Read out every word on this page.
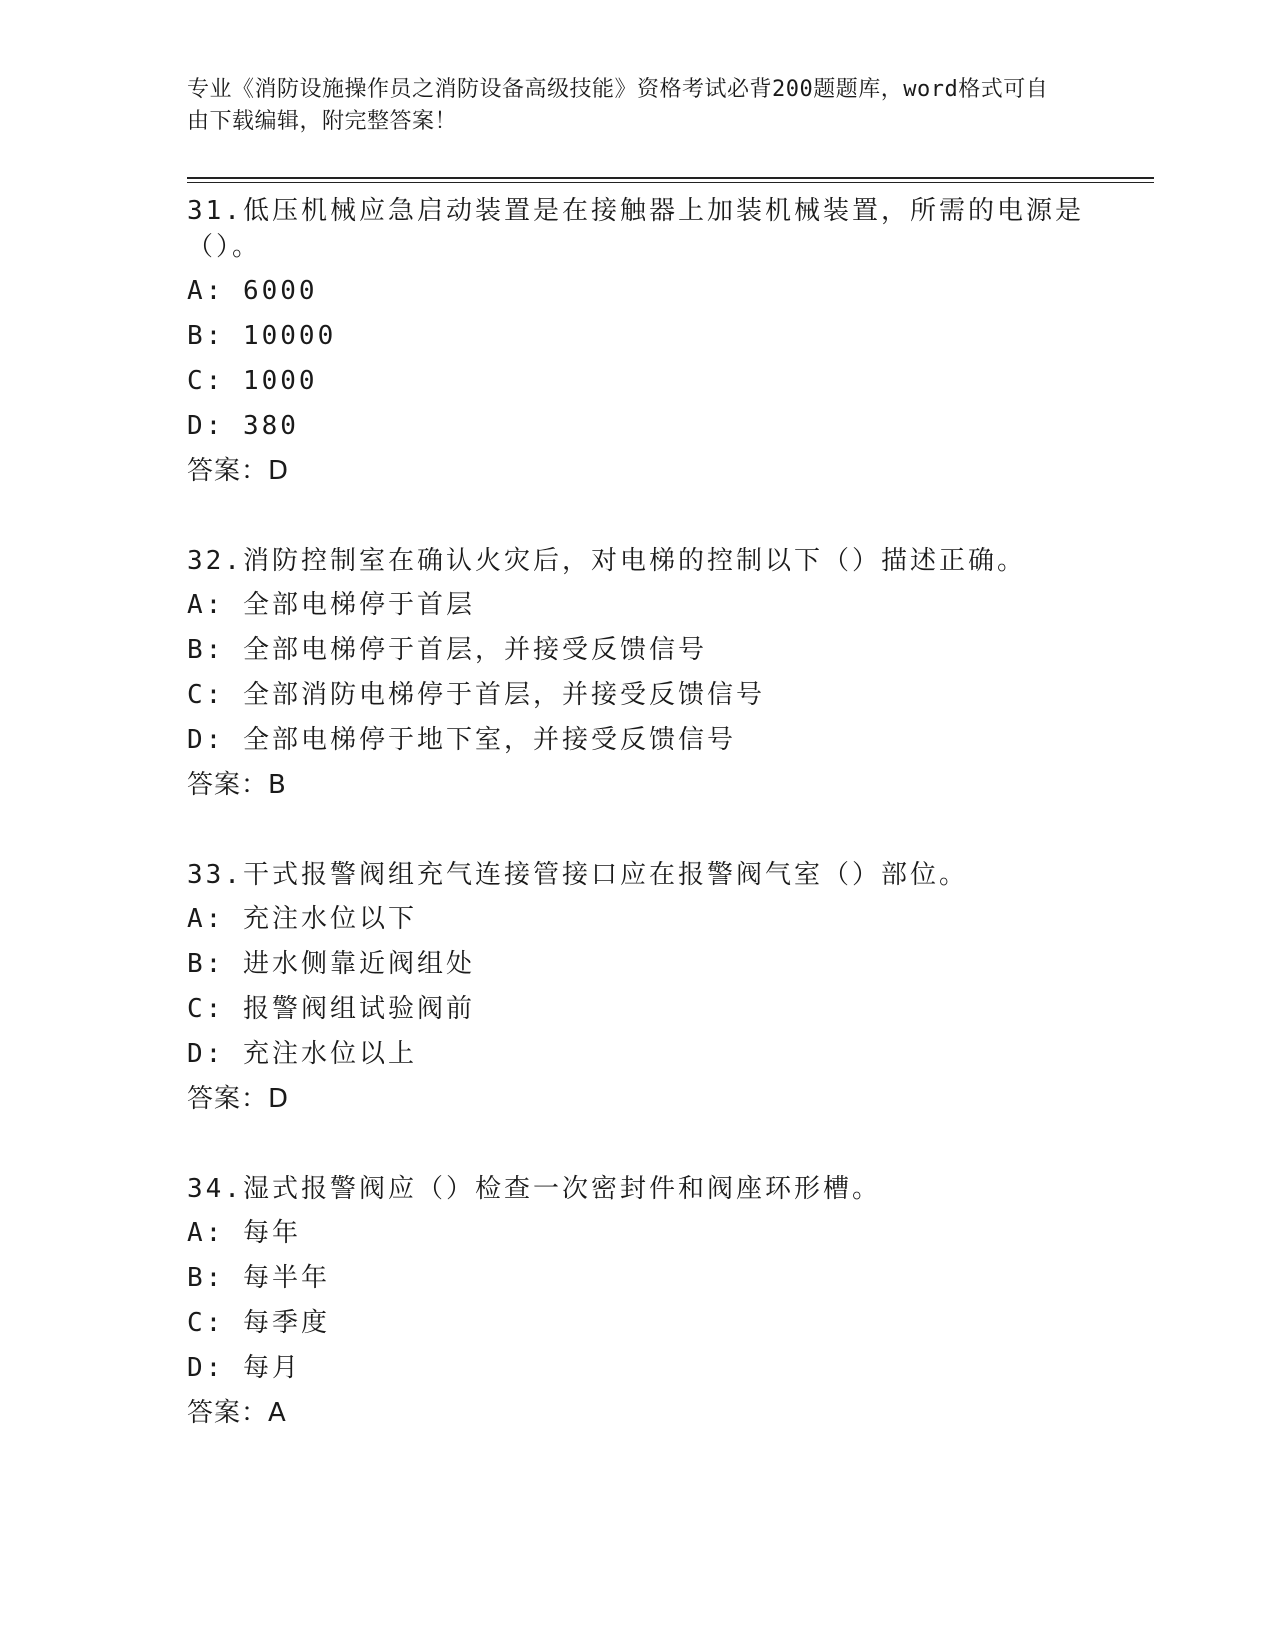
专业《消防设施操作员之消防设备高级技能》资格考试必背200题题库，word格式可自由下载编辑，附完整答案！
31.低压机械应急启动装置是在接触器上加装机械装置，所需的电源是（）。
A: 6000
B: 10000
C: 1000
D: 380
答案：D
32.消防控制室在确认火灾后，对电梯的控制以下（）描述正确。
A: 全部电梯停于首层
B: 全部电梯停于首层，并接受反馈信号
C: 全部消防电梯停于首层，并接受反馈信号
D: 全部电梯停于地下室，并接受反馈信号
答案：B
33.干式报警阀组充气连接管接口应在报警阀气室（）部位。
A: 充注水位以下
B: 进水侧靠近阀组处
C: 报警阀组试验阀前
D: 充注水位以上
答案：D
34.湿式报警阀应（）检查一次密封件和阀座环形槽。
A: 每年
B: 每半年
C: 每季度
D: 每月
答案：A
